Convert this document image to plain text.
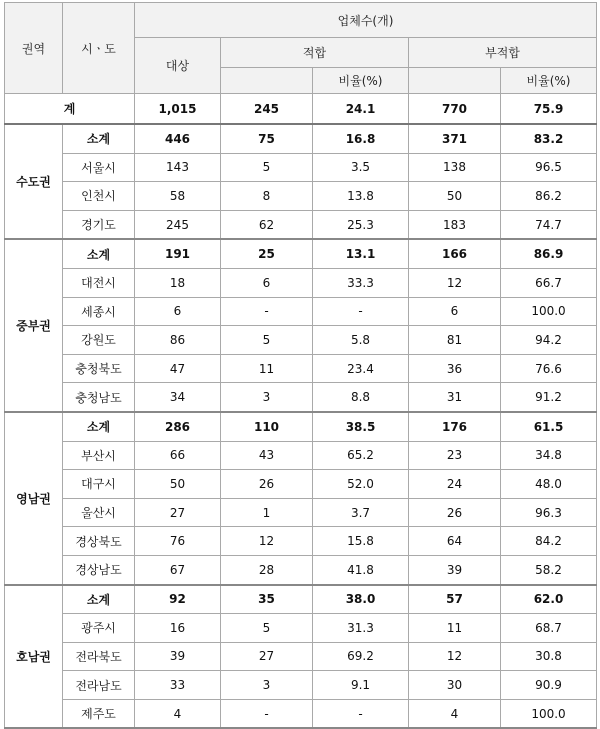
권역	시ㆍ도	업체수(개)				
		대상	적합		부적합	
				비율(%)		비율(%)
계		1,015	245	24.1	770	75.9
수도권	소계	446	75	16.8	371	83.2
	서울시	143	5	3.5	138	96.5
	인천시	58	8	13.8	50	86.2
	경기도	245	62	25.3	183	74.7
중부권	소계	191	25	13.1	166	86.9
	대전시	18	6	33.3	12	66.7
	세종시	6	-	-	6	100.0
	강원도	86	5	5.8	81	94.2
	충청북도	47	11	23.4	36	76.6
	충청남도	34	3	8.8	31	91.2
영남권	소계	286	110	38.5	176	61.5
	부산시	66	43	65.2	23	34.8
	대구시	50	26	52.0	24	48.0
	울산시	27	1	3.7	26	96.3
	경상북도	76	12	15.8	64	84.2
	경상남도	67	28	41.8	39	58.2
호남권	소계	92	35	38.0	57	62.0
	광주시	16	5	31.3	11	68.7
	전라북도	39	27	69.2	12	30.8
	전라남도	33	3	9.1	30	90.9
	제주도	4	-	-	4	100.0
